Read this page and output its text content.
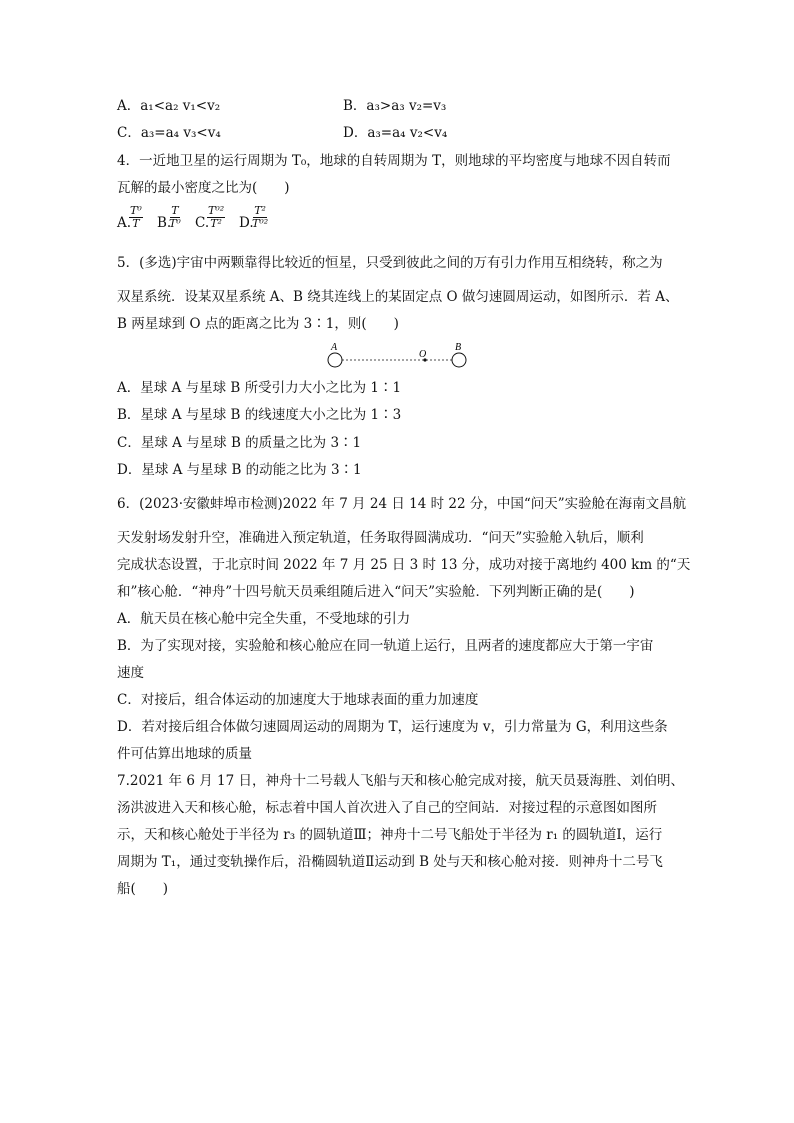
A．a₁<a₂ v₁<v₂	B．a₃>a₃ v₂=v₃
C．a₃=a₄ v₃<v₄	D．a₃=a₄ v₂<v₄
4．一近地卫星的运行周期为 T₀，地球的自转周期为 T，则地球的平均密度与地球不因自转而
瓦解的最小密度之比为(　　)
A.
$\frac{\text{T⁰}}{T} B$.
$\frac{T}{\text{T⁰}} C$.
$\frac{\text{T⁰²}}{\text{T²}} D$.
$\frac{\text{T²}}{\text{T⁰²}}$
5．(多选)宇宙中两颗靠得比较近的恒星，只受到彼此之间的万有引力作用互相绕转，称之为
双星系统．设某双星系统 A、B 绕其连线上的某固定点 O 做匀速圆周运动，如图所示．若 A、
B 两星球到 O 点的距离之比为 3∶1，则(　　)
A
O
B
A．星球 A 与星球 B 所受引力大小之比为 1∶1
B．星球 A 与星球 B 的线速度大小之比为 1∶3
C．星球 A 与星球 B 的质量之比为 3∶1
D．星球 A 与星球 B 的动能之比为 3∶1
6．(2023·安徽蚌埠市检测)2022 年 7 月 24 日 14 时 22 分，中国“问天”实验舱在海南文昌航
天发射场发射升空，准确进入预定轨道，任务取得圆满成功．“问天”实验舱入轨后，顺利
完成状态设置，于北京时间 2022 年 7 月 25 日 3 时 13 分，成功对接于离地约 400 km 的“天
和”核心舱．“神舟”十四号航天员乘组随后进入“问天”实验舱．下列判断正确的是(　　)
A．航天员在核心舱中完全失重，不受地球的引力
B．为了实现对接，实验舱和核心舱应在同一轨道上运行，且两者的速度都应大于第一宇宙
速度
C．对接后，组合体运动的加速度大于地球表面的重力加速度
D．若对接后组合体做匀速圆周运动的周期为 T，运行速度为 v，引力常量为 G，利用这些条
件可估算出地球的质量
7.2021 年 6 月 17 日，神舟十二号载人飞船与天和核心舱完成对接，航天员聂海胜、刘伯明、
汤洪波进入天和核心舱，标志着中国人首次进入了自己的空间站．对接过程的示意图如图所
示，天和核心舱处于半径为 r₃ 的圆轨道Ⅲ；神舟十二号飞船处于半径为 r₁ 的圆轨道Ⅰ，运行
周期为 T₁，通过变轨操作后，沿椭圆轨道Ⅱ运动到 B 处与天和核心舱对接．则神舟十二号飞
船(　　)
